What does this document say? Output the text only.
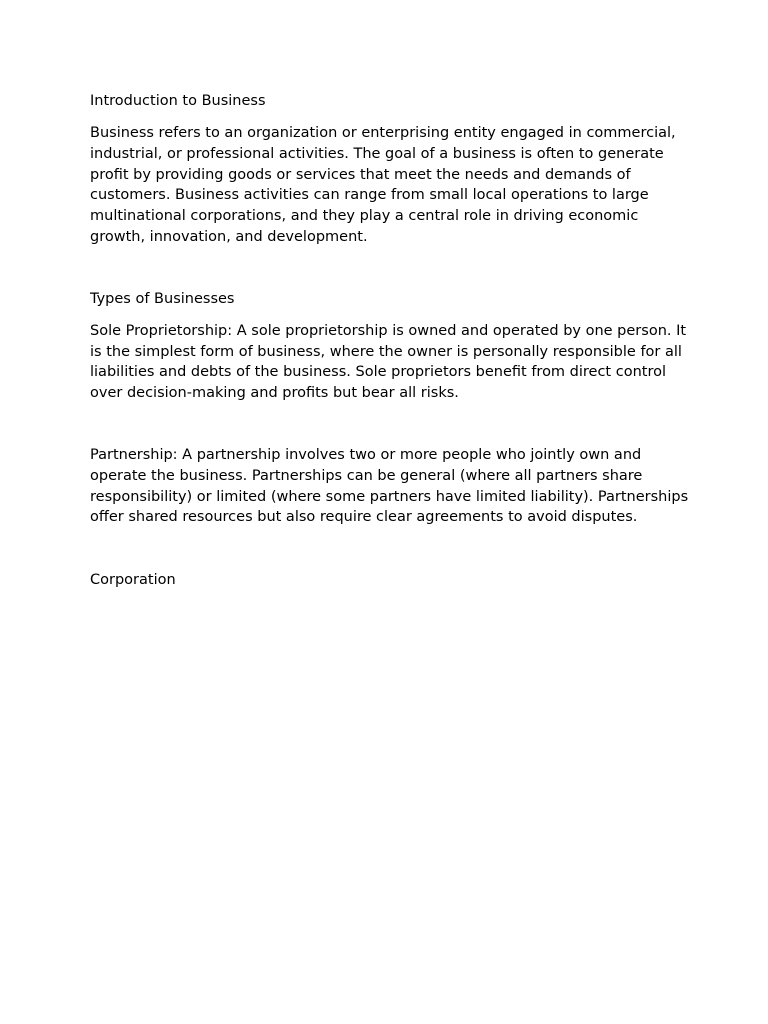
Introduction to Business

Business refers to an organization or enterprising entity engaged in commercial, industrial, or professional activities. The goal of a business is often to generate profit by providing goods or services that meet the needs and demands of customers. Business activities can range from small local operations to large multinational corporations, and they play a central role in driving economic growth, innovation, and development.

Types of Businesses

Sole Proprietorship: A sole proprietorship is owned and operated by one person. It is the simplest form of business, where the owner is personally responsible for all liabilities and debts of the business. Sole proprietors benefit from direct control over decision-making and profits but bear all risks.

Partnership: A partnership involves two or more people who jointly own and operate the business. Partnerships can be general (where all partners share responsibility) or limited (where some partners have limited liability). Partnerships offer shared resources but also require clear agreements to avoid disputes.

Corporation
